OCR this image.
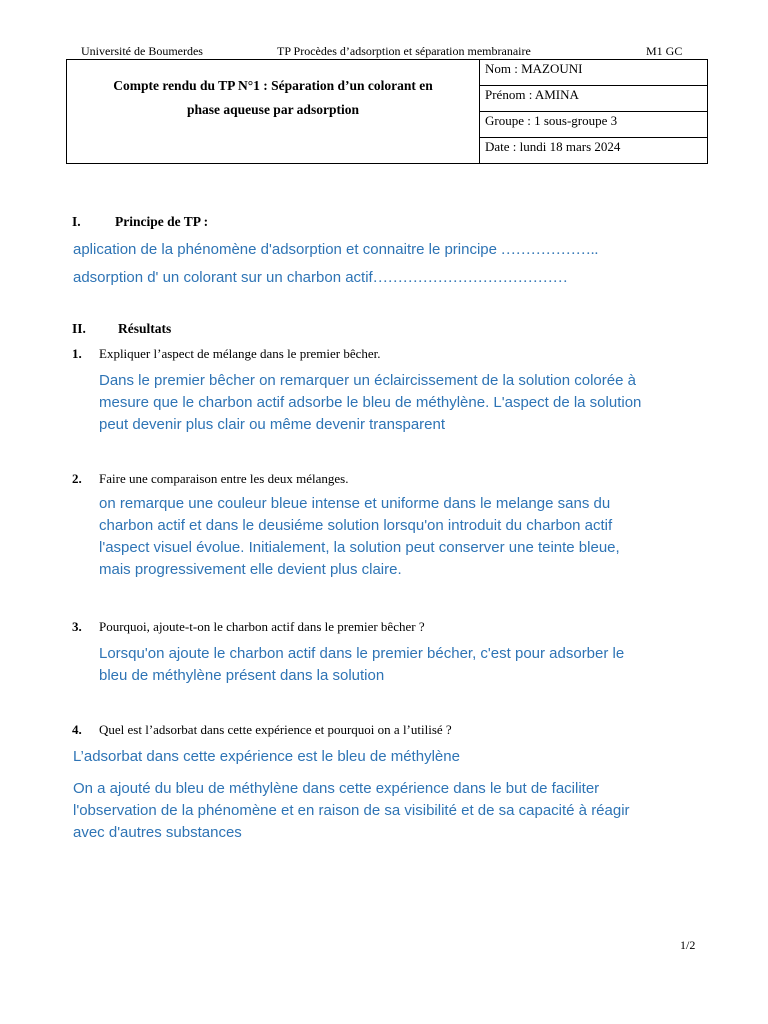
Université de Boumerdes	TP Procèdes d’adsorption et séparation membranaire	M1 GC
Compte rendu du TP N°1 : Séparation d’un colorant en
phase aqueuse par adsorption
	Nom : MAZOUNI
Prénom : AMINA
Groupe : 1 sous-groupe 3
Date : lundi 18 mars 2024
I.	Principe de TP :
aplication de la phénomène d'adsorption et connaitre le principe ………………..
adsorption d' un colorant sur un charbon actif…………………………………
II. Résultats
1. Expliquer l’aspect de mélange dans le premier bêcher.
Dans le premier bêcher on remarquer un éclaircissement de la solution colorée à
mesure que le charbon actif adsorbe le bleu de méthylène. L'aspect de la solution
peut devenir plus clair ou même devenir transparent
2. Faire une comparaison entre les deux mélanges.
on remarque une couleur bleue intense et uniforme dans le melange sans du
charbon actif et dans le deusiéme solution lorsqu'on introduit du charbon actif
l'aspect visuel évolue. Initialement, la solution peut conserver une teinte bleue,
mais progressivement elle devient plus claire.
3. Pourquoi, ajoute-t-on le charbon actif dans le premier bêcher ?
Lorsqu'on ajoute le charbon actif dans le premier bécher, c'est pour adsorber le
bleu de méthylène présent dans la solution
4. Quel est l’adsorbat dans cette expérience et pourquoi on a l’utilisé ?
L’adsorbat dans cette expérience est le bleu de méthylène
On a ajouté du bleu de méthylène dans cette expérience dans le but de faciliter
l'observation de la phénomène et en raison de sa visibilité et de sa capacité à réagir
avec d'autres substances
1/2
